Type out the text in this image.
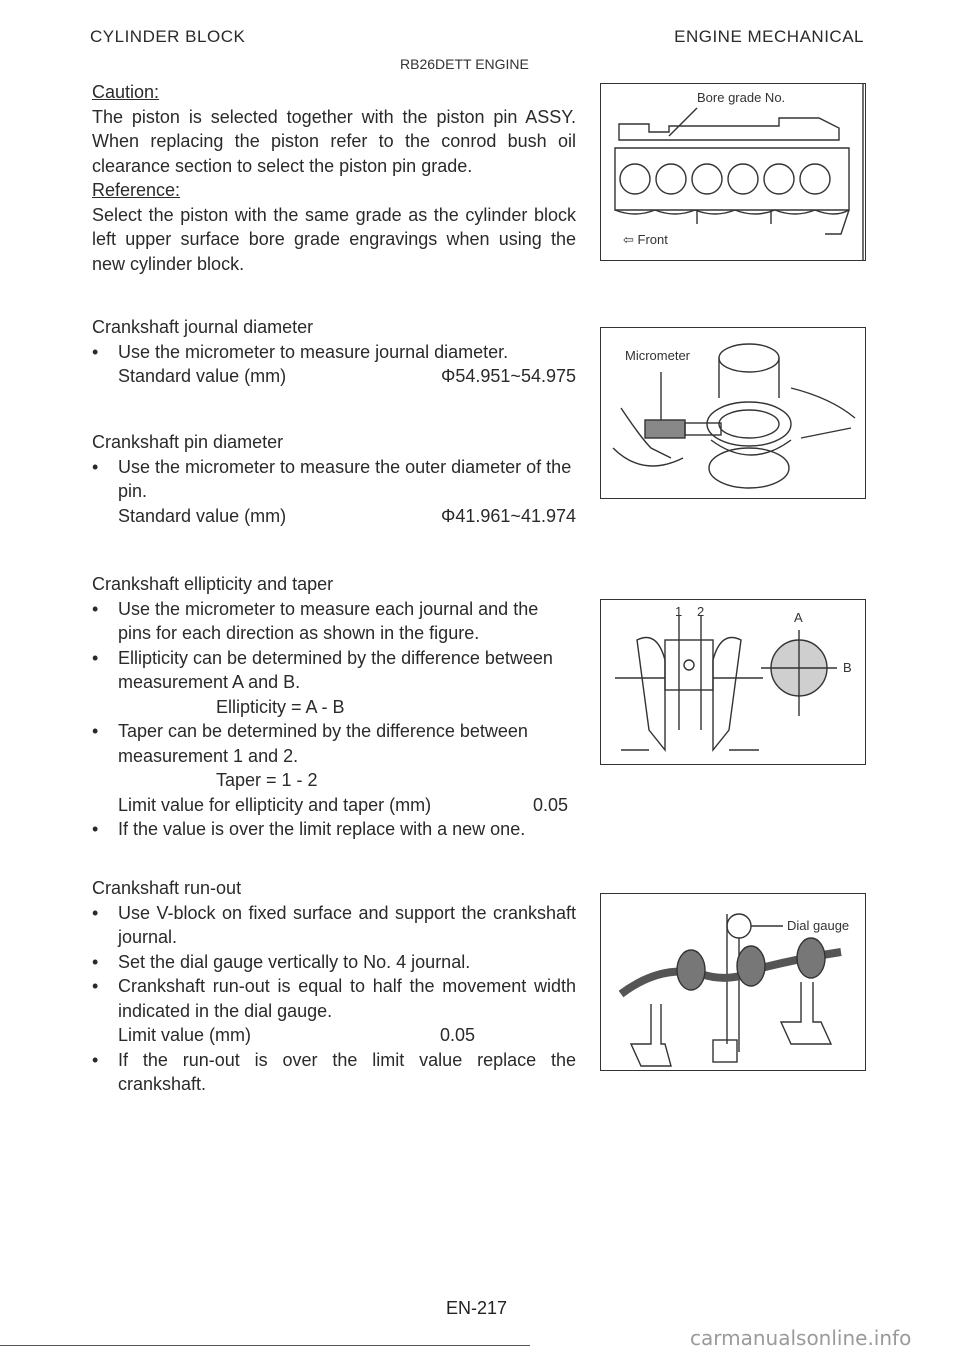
CYLINDER BLOCK	ENGINE MECHANICAL
RB26DETT ENGINE
Caution:
The piston is selected together with the piston pin ASSY. When replacing the piston refer to the conrod bush oil clearance section to select the piston pin grade.
Reference:
Select the piston with the same grade as the cylinder block left upper surface bore grade engravings when using the new cylinder block.
Crankshaft journal diameter
• Use the micrometer to measure journal diameter.
Standard value (mm)	Φ54.951~54.975
Crankshaft pin diameter
• Use the micrometer to measure the outer diameter of the pin.
Standard value (mm)	Φ41.961~41.974
Crankshaft ellipticity and taper
• Use the micrometer to measure each journal and the pins for each direction as shown in the figure.
• Ellipticity can be determined by the difference between measurement A and B.
Ellipticity = A - B
• Taper can be determined by the difference between measurement 1 and 2.
Taper = 1 - 2
Limit value for ellipticity and taper (mm)	0.05
• If the value is over the limit replace with a new one.
Crankshaft run-out
• Use V-block on fixed surface and support the crankshaft journal.
• Set the dial gauge vertically to No. 4 journal.
• Crankshaft run-out is equal to half the movement width indicated in the dial gauge.
Limit value (mm)	0.05
• If the run-out is over the limit value replace the crankshaft.
Bore grade No.
⇦ Front
Micrometer
1 2	A
B
Dial gauge
EN-217
carmanualsonline.info
